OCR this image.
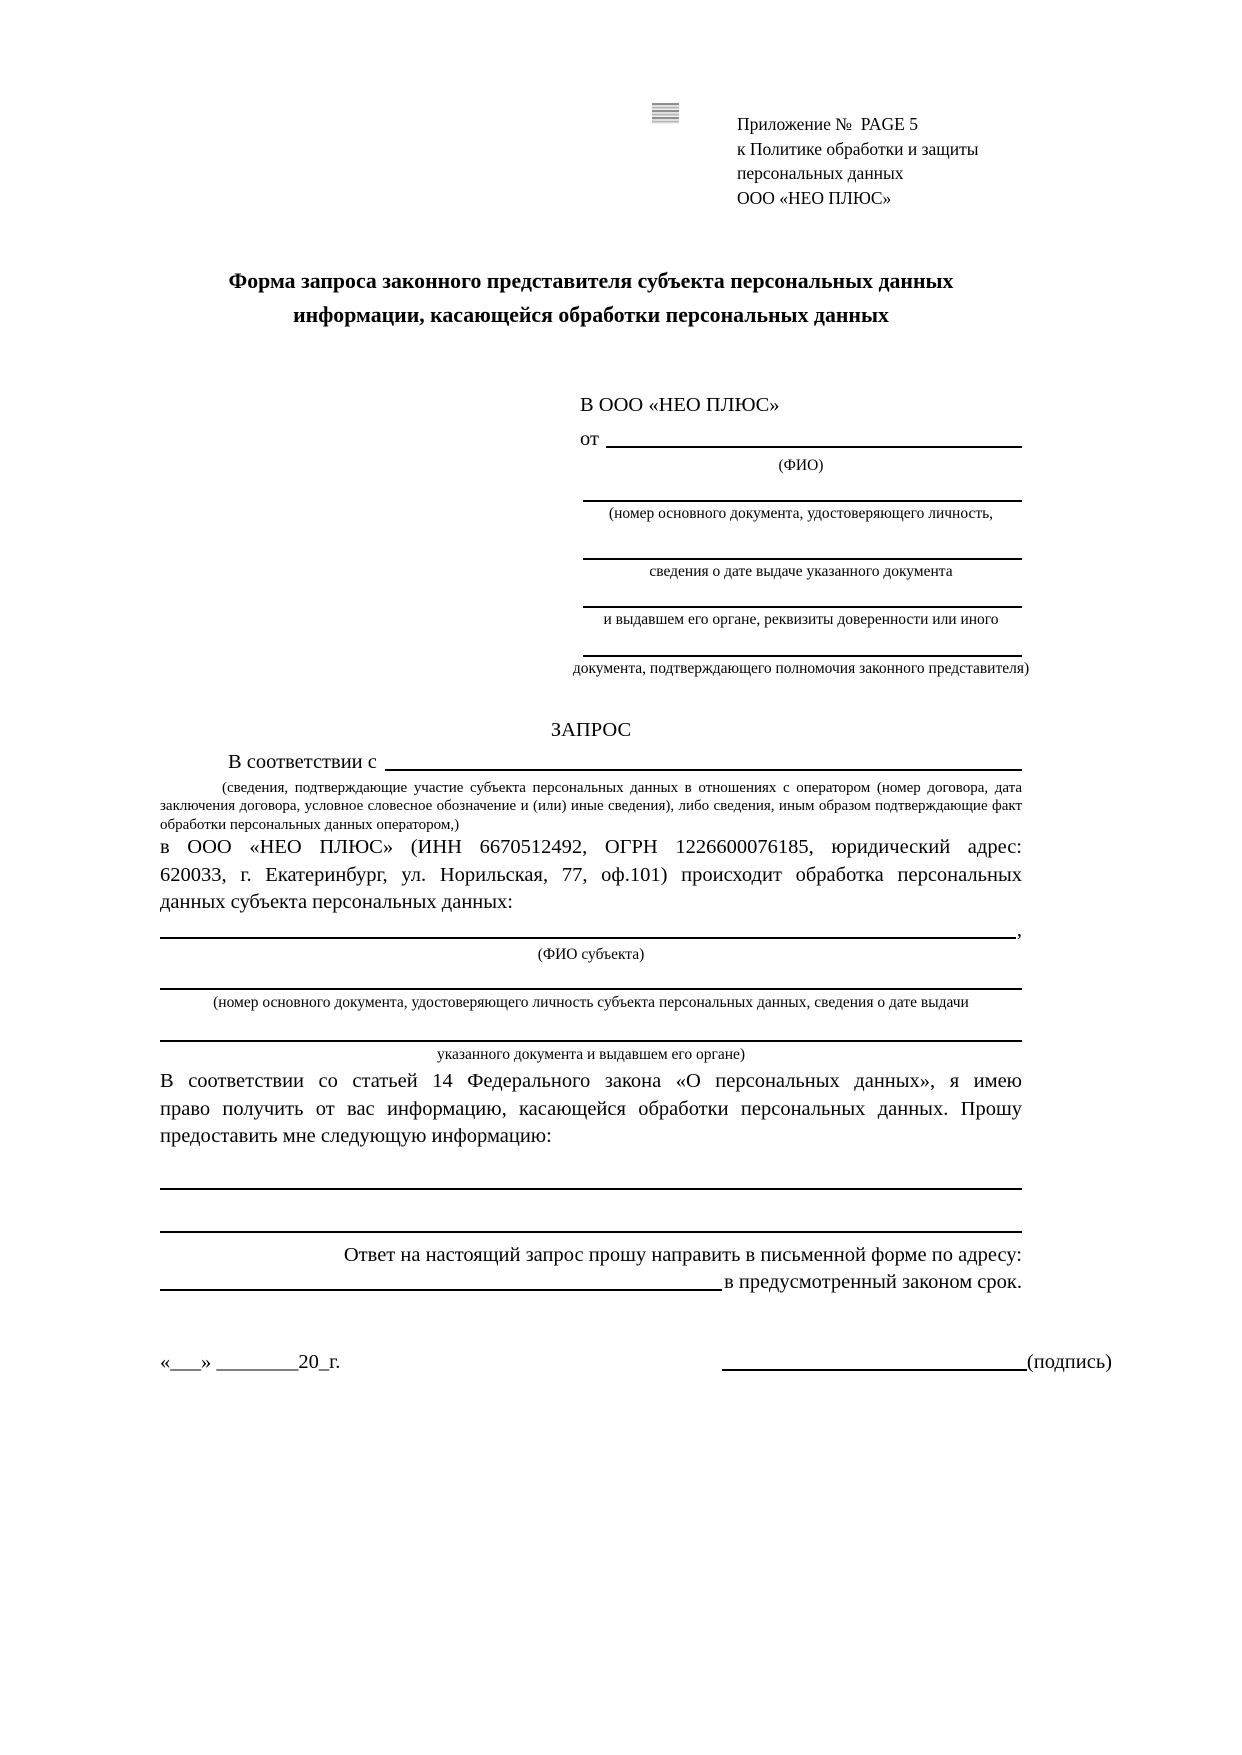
Приложение №  PAGE 5
к Политике обработки и защиты
персональных данных
ООО «НЕО ПЛЮС»
Форма запроса законного представителя субъекта персональных данных
информации, касающейся обработки персональных данных
В ООО «НЕО ПЛЮС»
от
(ФИО)
(номер основного документа, удостоверяющего личность,
сведения о дате выдаче указанного документа
и выдавшем его органе, реквизиты доверенности или иного
документа, подтверждающего полномочия законного представителя)
ЗАПРОС
В соответствии с
(сведения, подтверждающие участие субъекта персональных данных в отношениях с оператором (номер договора, дата
заключения договора, условное словесное обозначение и (или) иные сведения), либо сведения, иным образом подтверждающие факт
обработки персональных данных оператором,)
в ООО «НЕО ПЛЮС» (ИНН 6670512492, ОГРН 1226600076185, юридический адрес:
620033, г. Екатеринбург, ул. Норильская, 77, оф.101) происходит обработка персональных
данных субъекта персональных данных:
,
(ФИО субъекта)
(номер основного документа, удостоверяющего личность субъекта персональных данных, сведения о дате выдачи
указанного документа и выдавшем его органе)
В соответствии со статьей 14 Федерального закона «О персональных данных», я имею
право получить от вас информацию, касающейся обработки персональных данных. Прошу
предоставить мне следующую информацию:
Ответ на настоящий запрос прошу направить в письменной форме по адресу:
в предусмотренный законом срок.
«___» ________20_г.	(подпись)
